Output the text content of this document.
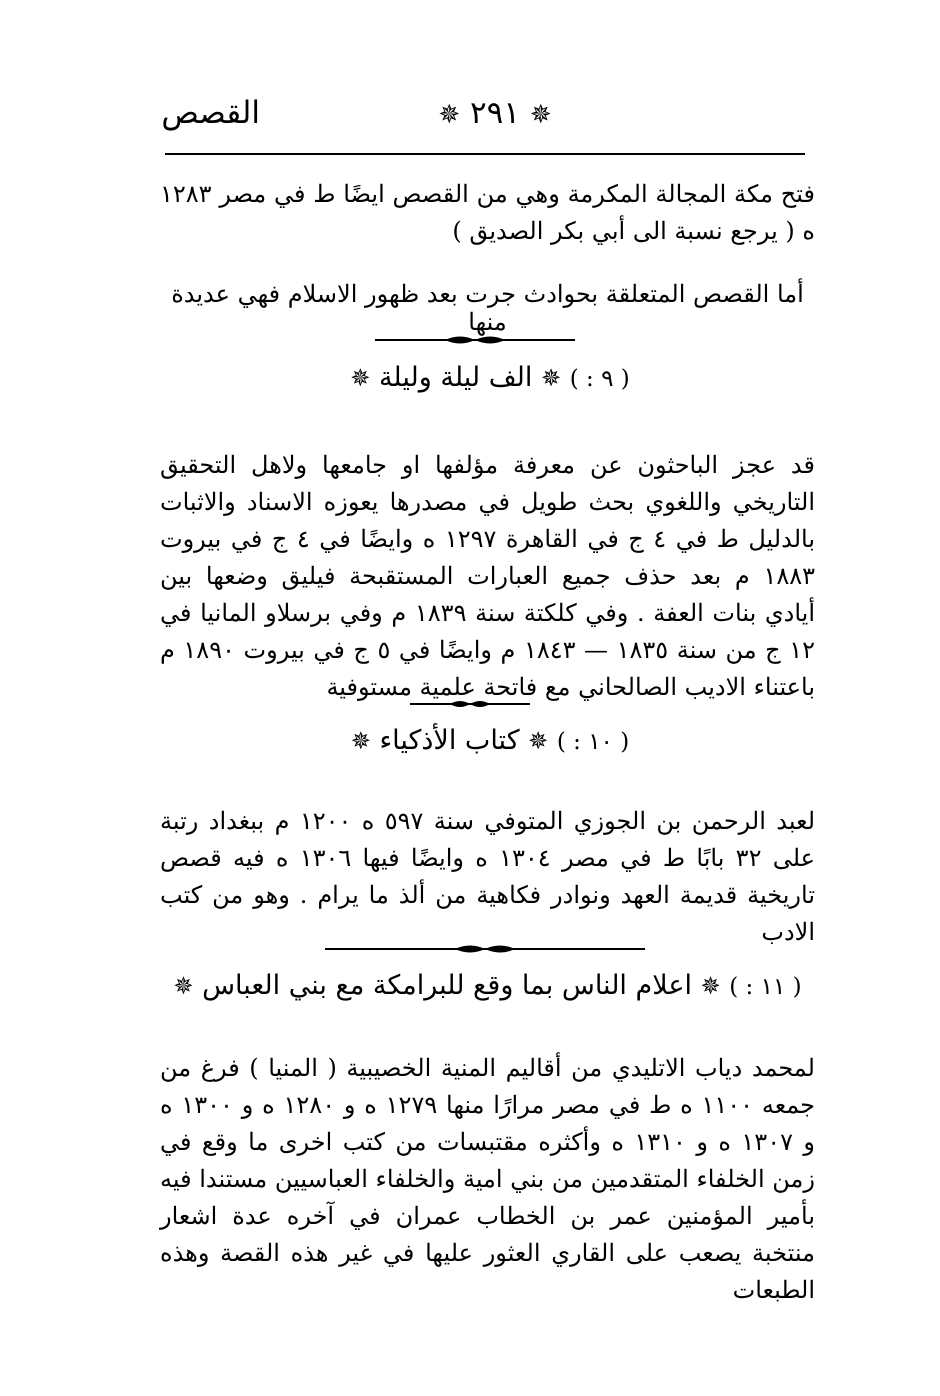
القصص	✵ ٢٩١ ✵

فتح مكة المجالة المكرمة وهي من القصص ايضًا ط في مصر ١٢٨٣ ه ( يرجع نسبة الى أبي بكر الصديق )

أما القصص المتعلقة بحوادث جرت بعد ظهور الاسلام فهي عديدة منها
( ٩ : ) ✵ الف ليلة وليلة ✵

قد عجز الباحثون عن معرفة مؤلفها او جامعها ولاهل التحقيق التاريخي واللغوي بحث طويل في مصدرها يعوزه الاسناد والاثبات بالدليل ط في ٤ ج في القاهرة ١٢٩٧ ه وايضًا في ٤ ج في بيروت ١٨٨٣ م بعد حذف جميع العبارات المستقبحة فيليق وضعها بين أيادي بنات العفة . وفي كلكتة سنة ١٨٣٩ م وفي برسلاو المانيا في ١٢ ج من سنة ١٨٣٥ — ١٨٤٣ م وايضًا في ٥ ج في بيروت ١٨٩٠ م باعتناء الاديب الصالحاني مع فاتحة علمية مستوفية

( ١٠ : ) ✵ كتاب الأذكياء ✵

لعبد الرحمن بن الجوزي المتوفي سنة ٥٩٧ ه ١٢٠٠ م ببغداد رتبة على ٣٢ بابًا ط في مصر ١٣٠٤ ه وايضًا فيها ١٣٠٦ ه فيه قصص تاريخية قديمة العهد ونوادر فكاهية من ألذ ما يرام . وهو من كتب الادب

( ١١ : ) ✵ اعلام الناس بما وقع للبرامكة مع بني العباس ✵

لمحمد دياب الاتليدي من أقاليم المنية الخصيبية ( المنيا ) فرغ من جمعه ١١٠٠ ه ط في مصر مرارًا منها ١٢٧٩ ه و ١٢٨٠ ه و ١٣٠٠ ه و ١٣٠٧ ه و ١٣١٠ ه وأكثره مقتبسات من كتب اخرى ما وقع في زمن الخلفاء المتقدمين من بني امية والخلفاء العباسيين مستندا فيه بأمير المؤمنين عمر بن الخطاب عمران في آخره عدة اشعار منتخبة يصعب على القاري العثور عليها في غير هذه القصة وهذه الطبعات
